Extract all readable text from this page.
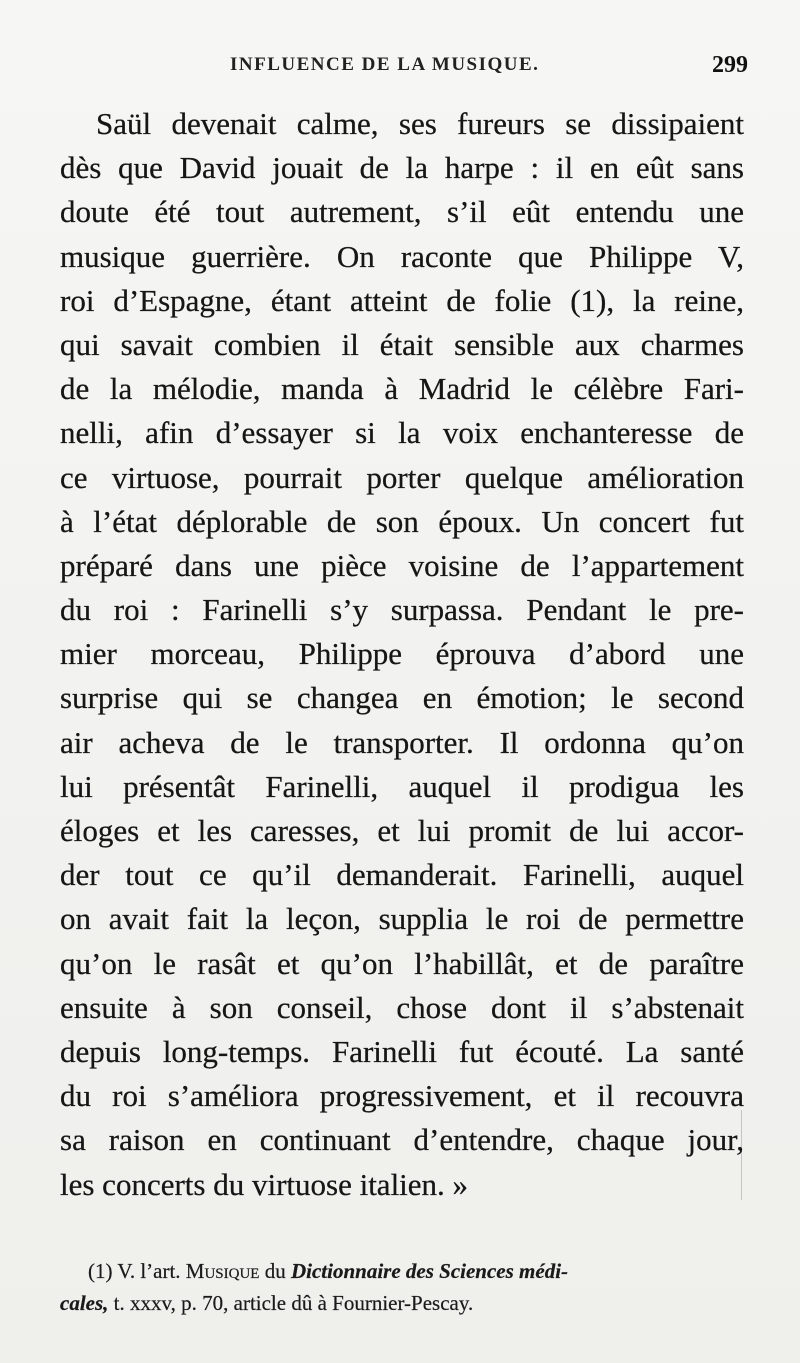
INFLUENCE DE LA MUSIQUE.	299
Saül devenait calme, ses fureurs se dissipaient
dès que David jouait de la harpe : il en eût sans
doute été tout autrement, s’il eût entendu une
musique guerrière. On raconte que Philippe V,
roi d’Espagne, étant atteint de folie (1), la reine,
qui savait combien il était sensible aux charmes
de la mélodie, manda à Madrid le célèbre Fari-
nelli, afin d’essayer si la voix enchanteresse de
ce virtuose, pourrait porter quelque amélioration
à l’état déplorable de son époux. Un concert fut
préparé dans une pièce voisine de l’appartement
du roi : Farinelli s’y surpassa. Pendant le pre-
mier morceau, Philippe éprouva d’abord une
surprise qui se changea en émotion; le second
air acheva de le transporter. Il ordonna qu’on
lui présentât Farinelli, auquel il prodigua les
éloges et les caresses, et lui promit de lui accor-
der tout ce qu’il demanderait. Farinelli, auquel
on avait fait la leçon, supplia le roi de permettre
qu’on le rasât et qu’on l’habillât, et de paraître
ensuite à son conseil, chose dont il s’abstenait
depuis long-temps. Farinelli fut écouté. La santé
du roi s’améliora progressivement, et il recouvra
sa raison en continuant d’entendre, chaque jour,
les concerts du virtuose italien. »
(1) V. l’art. Musique du Dictionnaire des Sciences médi-
cales, t. xxxv, p. 70, article dû à Fournier-Pescay.
